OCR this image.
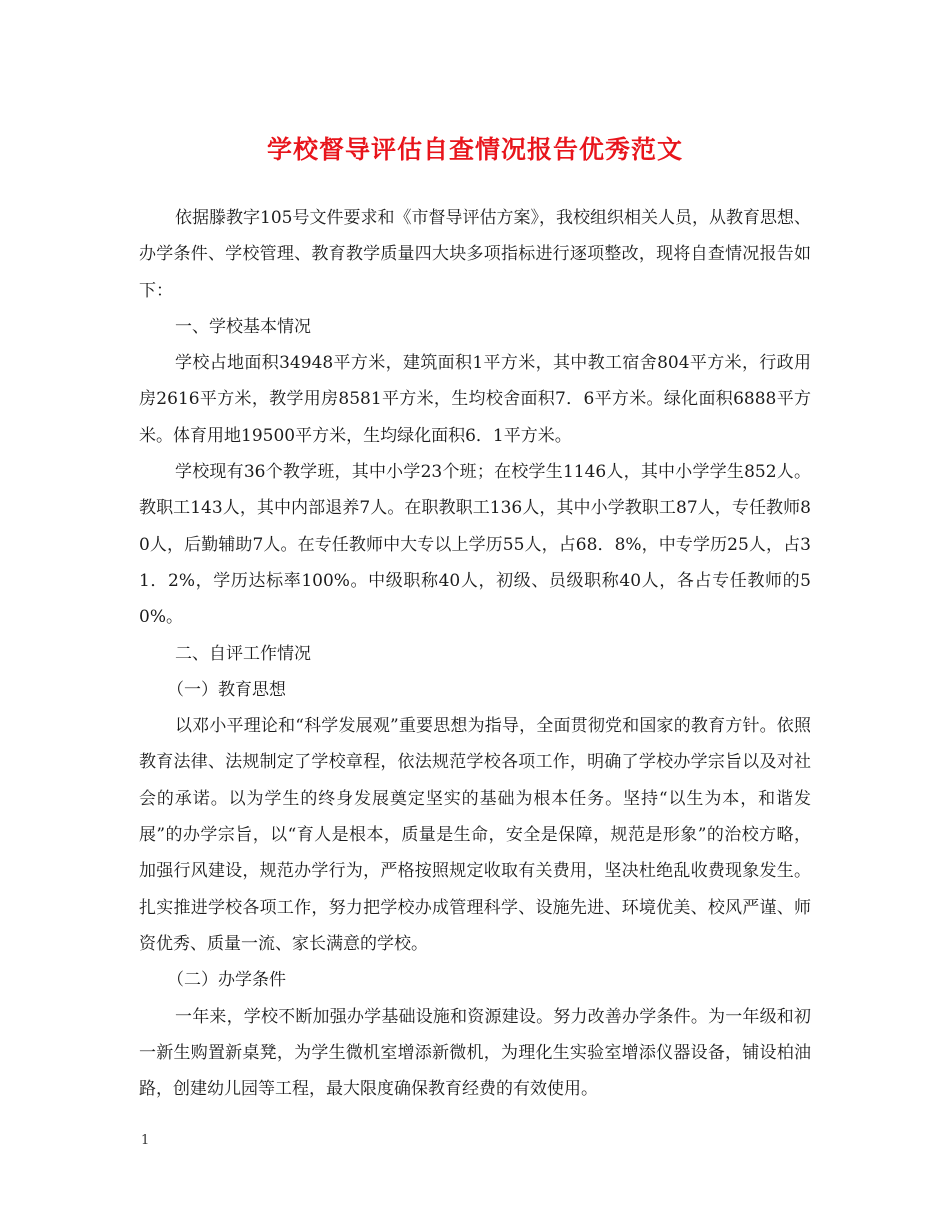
学校督导评估自查情况报告优秀范文

依据滕教字105号文件要求和《市督导评估方案》，我校组织相关人员，从教育思想、办学条件、学校管理、教育教学质量四大块多项指标进行逐项整改，现将自查情况报告如下：

一、学校基本情况

学校占地面积34948平方米，建筑面积1平方米，其中教工宿舍804平方米，行政用房2616平方米，教学用房8581平方米，生均校舍面积7．6平方米。绿化面积6888平方米。体育用地19500平方米，生均绿化面积6．1平方米。

学校现有36个教学班，其中小学23个班；在校学生1146人，其中小学学生852人。教职工143人，其中内部退养7人。在职教职工136人，其中小学教职工87人，专任教师80人，后勤辅助7人。在专任教师中大专以上学历55人，占68．8%，中专学历25人，占31．2%，学历达标率100%。中级职称40人，初级、员级职称40人，各占专任教师的50%。

二、自评工作情况

（一）教育思想

以邓小平理论和“科学发展观”重要思想为指导，全面贯彻党和国家的教育方针。依照教育法律、法规制定了学校章程，依法规范学校各项工作，明确了学校办学宗旨以及对社会的承诺。以为学生的终身发展奠定坚实的基础为根本任务。坚持“以生为本，和谐发展”的办学宗旨，以“育人是根本，质量是生命，安全是保障，规范是形象”的治校方略，加强行风建设，规范办学行为，严格按照规定收取有关费用，坚决杜绝乱收费现象发生。扎实推进学校各项工作，努力把学校办成管理科学、设施先进、环境优美、校风严谨、师资优秀、质量一流、家长满意的学校。

（二）办学条件

一年来，学校不断加强办学基础设施和资源建设。努力改善办学条件。为一年级和初一新生购置新桌凳，为学生微机室增添新微机，为理化生实验室增添仪器设备，铺设柏油路，创建幼儿园等工程，最大限度确保教育经费的有效使用。

1
